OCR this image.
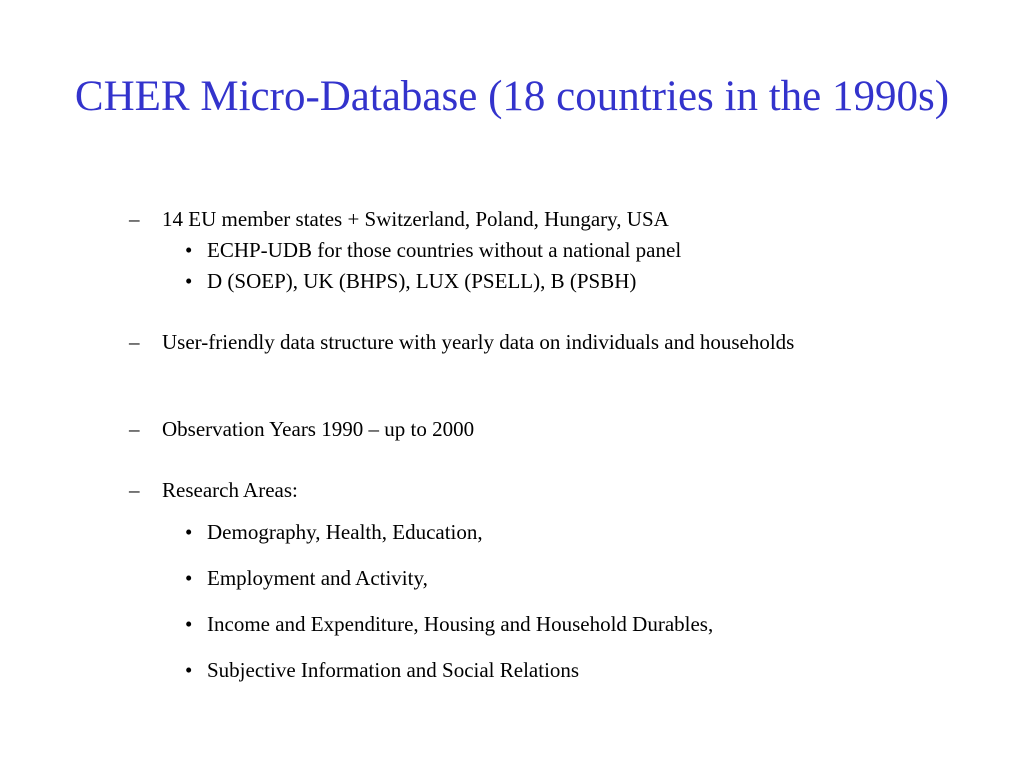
CHER Micro-Database (18 countries in the 1990s)
– 14 EU member states + Switzerland, Poland, Hungary, USA
• ECHP-UDB for those countries without a national panel
• D (SOEP), UK (BHPS), LUX (PSELL), B (PSBH)
– User-friendly data structure with yearly data on individuals and households
– Observation Years 1990 – up to 2000
– Research Areas:
• Demography, Health, Education,
• Employment and Activity,
• Income and Expenditure, Housing and Household Durables,
• Subjective Information and Social Relations
